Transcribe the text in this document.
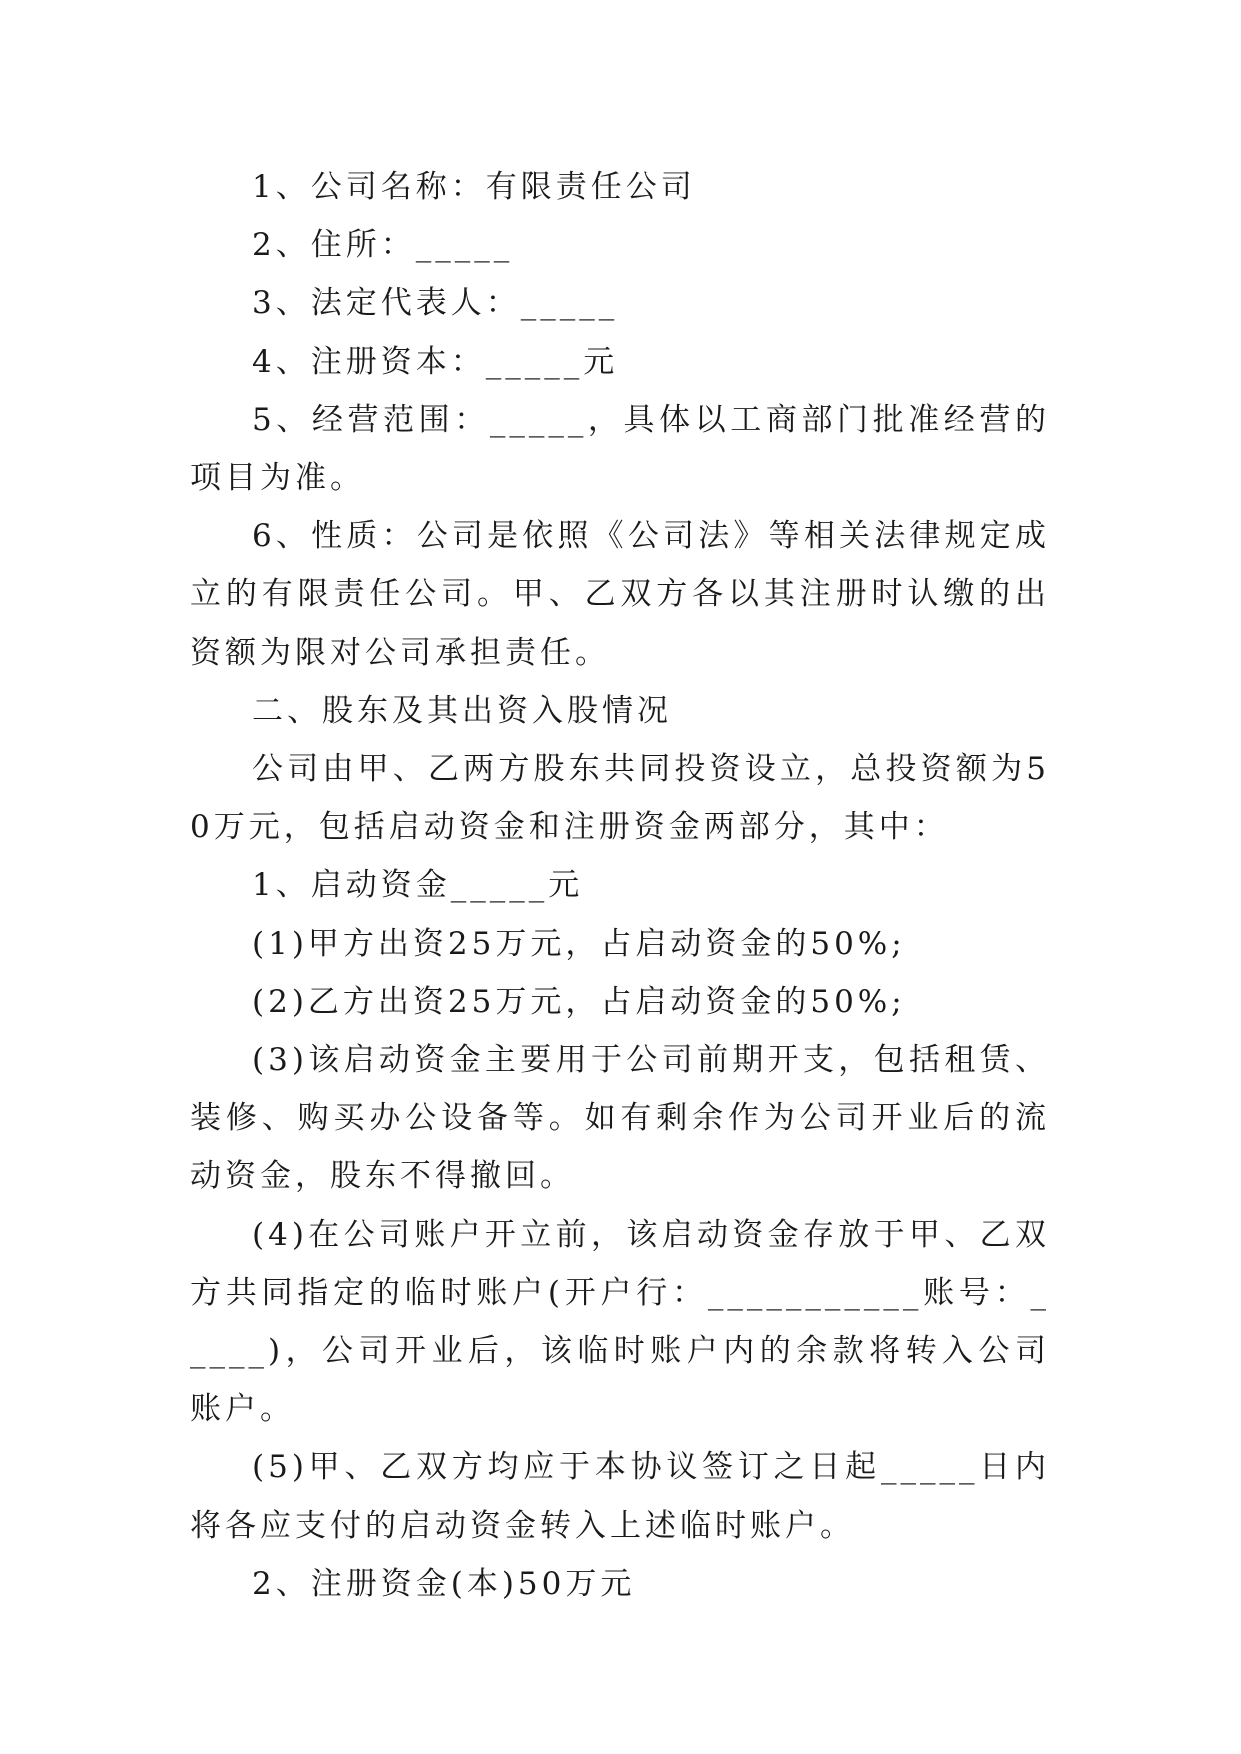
1、公司名称：有限责任公司

2、住所：_____

3、法定代表人：_____

4、注册资本：_____元

5、经营范围：_____，具体以工商部门批准经营的项目为准。

6、性质：公司是依照《公司法》等相关法律规定成立的有限责任公司。甲、乙双方各以其注册时认缴的出资额为限对公司承担责任。

二、股东及其出资入股情况

公司由甲、乙两方股东共同投资设立，总投资额为50万元，包括启动资金和注册资金两部分，其中：

1、启动资金_____元

(1)甲方出资25万元，占启动资金的50%;

(2)乙方出资25万元，占启动资金的50%;

(3)该启动资金主要用于公司前期开支，包括租赁、装修、购买办公设备等。如有剩余作为公司开业后的流动资金，股东不得撤回。

(4)在公司账户开立前，该启动资金存放于甲、乙双方共同指定的临时账户(开户行：___________账号：_____)，公司开业后，该临时账户内的余款将转入公司账户。

(5)甲、乙双方均应于本协议签订之日起_____日内将各应支付的启动资金转入上述临时账户。

2、注册资金(本)50万元
